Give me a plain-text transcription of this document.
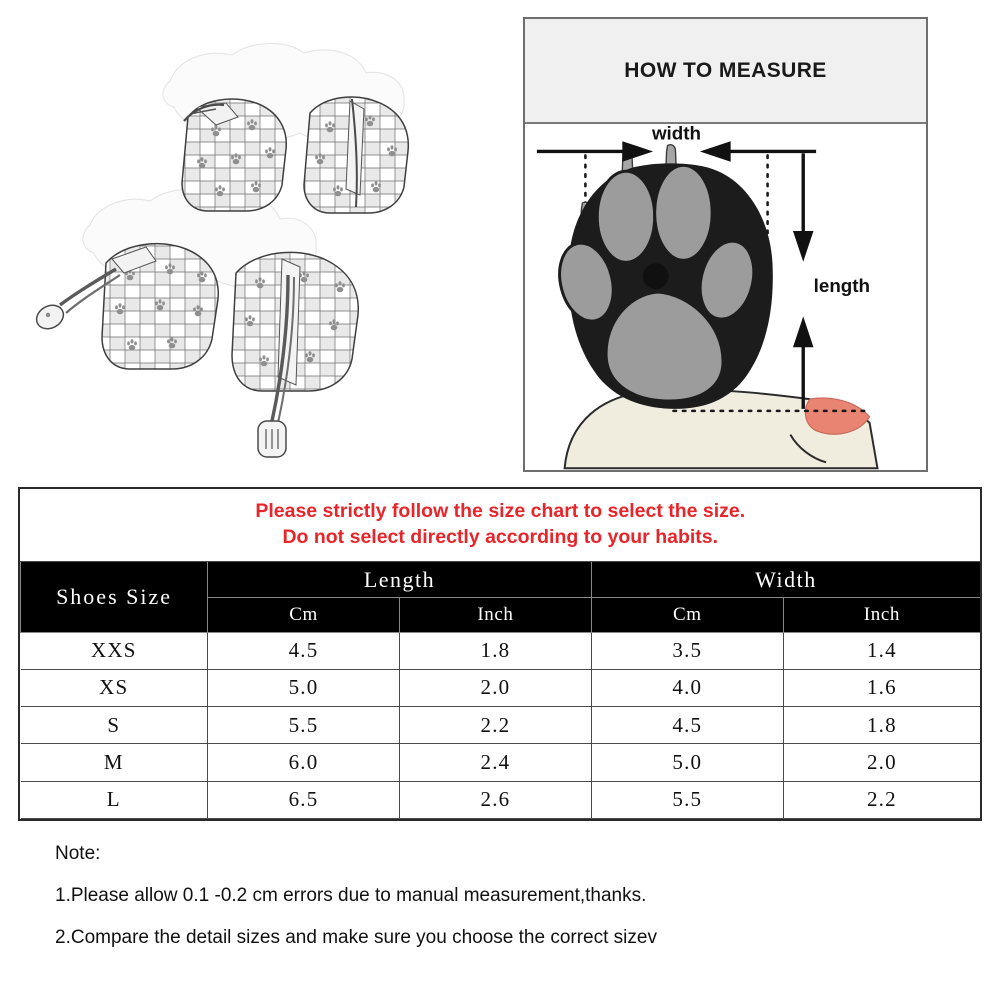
HOW TO MEASURE
width
length
Please strictly follow the size chart to select the size.
Do not select directly according to your habits.				

Shoes Size	Length		Width	
	Cm	Inch	Cm	Inch
XXS	4.5	1.8	3.5	1.4
XS	5.0	2.0	4.0	1.6
S	5.5	2.2	4.5	1.8
M	6.0	2.4	5.0	2.0
L	6.5	2.6	5.5	2.2
Note:
1.Please allow 0.1 -0.2 cm errors due to manual measurement,thanks.
2.Compare the detail sizes and make sure you choose the correct sizev
